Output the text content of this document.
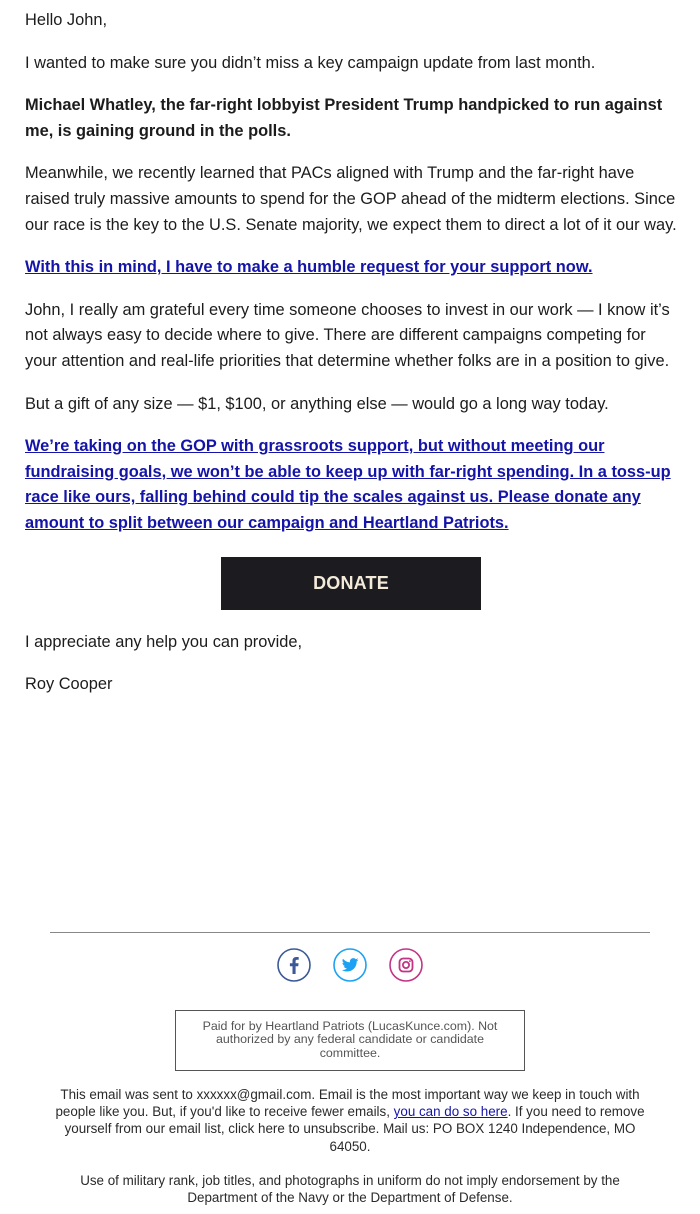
Hello John,

I wanted to make sure you didn’t miss a key campaign update from last month.

Michael Whatley, the far-right lobbyist President Trump handpicked to run against me, is gaining ground in the polls.

Meanwhile, we recently learned that PACs aligned with Trump and the far-right have raised truly massive amounts to spend for the GOP ahead of the midterm elections. Since our race is the key to the U.S. Senate majority, we expect them to direct a lot of it our way.

With this in mind, I have to make a humble request for your support now.

John, I really am grateful every time someone chooses to invest in our work — I know it’s not always easy to decide where to give. There are different campaigns competing for your attention and real-life priorities that determine whether folks are in a position to give.

But a gift of any size — $1, $100, or anything else — would go a long way today.

We’re taking on the GOP with grassroots support, but without meeting our fundraising goals, we won’t be able to keep up with far-right spending. In a toss-up race like ours, falling behind could tip the scales against us. Please donate any amount to split between our campaign and Heartland Patriots.

DONATE

I appreciate any help you can provide,

Roy Cooper

Paid for by Heartland Patriots (LucasKunce.com). Not authorized by any federal candidate or candidate committee.
This email was sent to xxxxxx@gmail.com. Email is the most important way we keep in touch with people like you. But, if you'd like to receive fewer emails, you can do so here. If you need to remove yourself from our email list, click here to unsubscribe. Mail us: PO BOX 1240 Independence, MO 64050.
Use of military rank, job titles, and photographs in uniform do not imply endorsement by the Department of the Navy or the Department of Defense.
